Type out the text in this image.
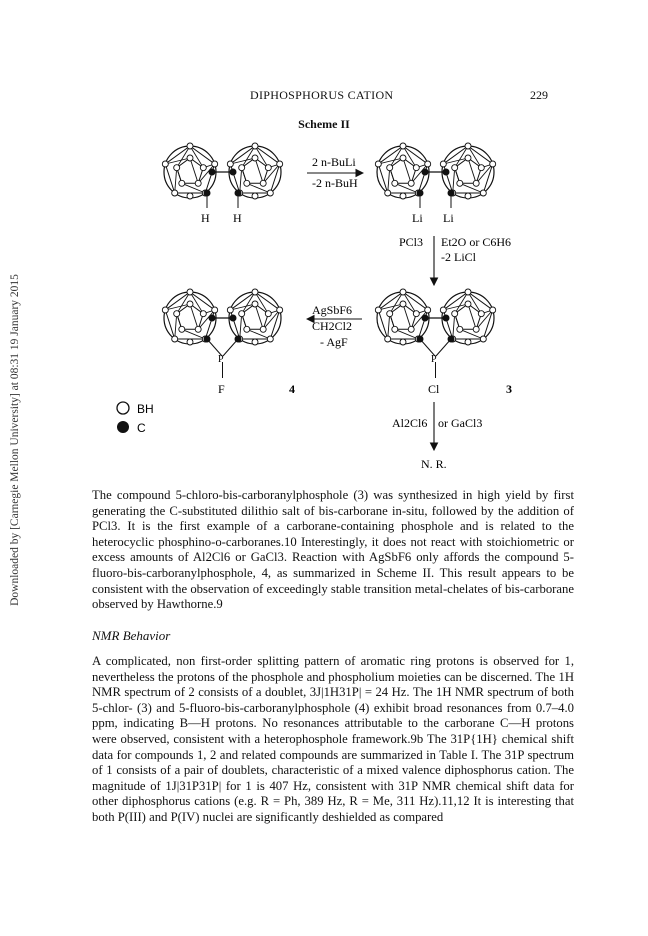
DIPHOSPHORUS CATION	229
Downloaded by [Carnegie Mellon University] at 08:31 19 January 2015
Scheme II
H H
2 n-BuLi
-2 n-BuH
Li Li
PCl3 Et2O or C6H6
-2 LiCl
P
Cl	3
AgSbF6
CH2Cl2
- AgF
P
F	4
Al2Cl6 or GaCl3
N. R.
BH
C
The compound 5-chloro-bis-carboranylphosphole (3) was synthesized in high yield by first generating the C-substituted dilithio salt of bis-carborane in-situ, followed by the addition of PCl3. It is the first example of a carborane-containing phosphole and is related to the heterocyclic phosphino-o-carboranes.10 Interestingly, it does not react with stoichiometric or excess amounts of Al2Cl6 or GaCl3. Reaction with AgSbF6 only affords the compound 5-fluoro-bis-carboranylphosphole, 4, as summarized in Scheme II. This result appears to be consistent with the observation of exceedingly stable transition metal-chelates of bis-carborane observed by Hawthorne.9
NMR Behavior
A complicated, non first-order splitting pattern of aromatic ring protons is observed for 1, nevertheless the protons of the phosphole and phospholium moieties can be discerned. The 1H NMR spectrum of 2 consists of a doublet, 3J|1H31P| = 24 Hz. The 1H NMR spectrum of both 5-chlor- (3) and 5-fluoro-bis-carboranylphosphole (4) exhibit broad resonances from 0.7–4.0 ppm, indicating B—H protons. No resonances attributable to the carborane C—H protons were observed, consistent with a heterophosphole framework.9b The 31P{1H} chemical shift data for compounds 1, 2 and related compounds are summarized in Table I. The 31P spectrum of 1 consists of a pair of doublets, characteristic of a mixed valence diphosphorus cation. The magnitude of 1J|31P31P| for 1 is 407 Hz, consistent with 31P NMR chemical shift data for other diphosphorus cations (e.g. R = Ph, 389 Hz, R = Me, 311 Hz).11,12 It is interesting that both P(III) and P(IV) nuclei are significantly deshielded as compared
